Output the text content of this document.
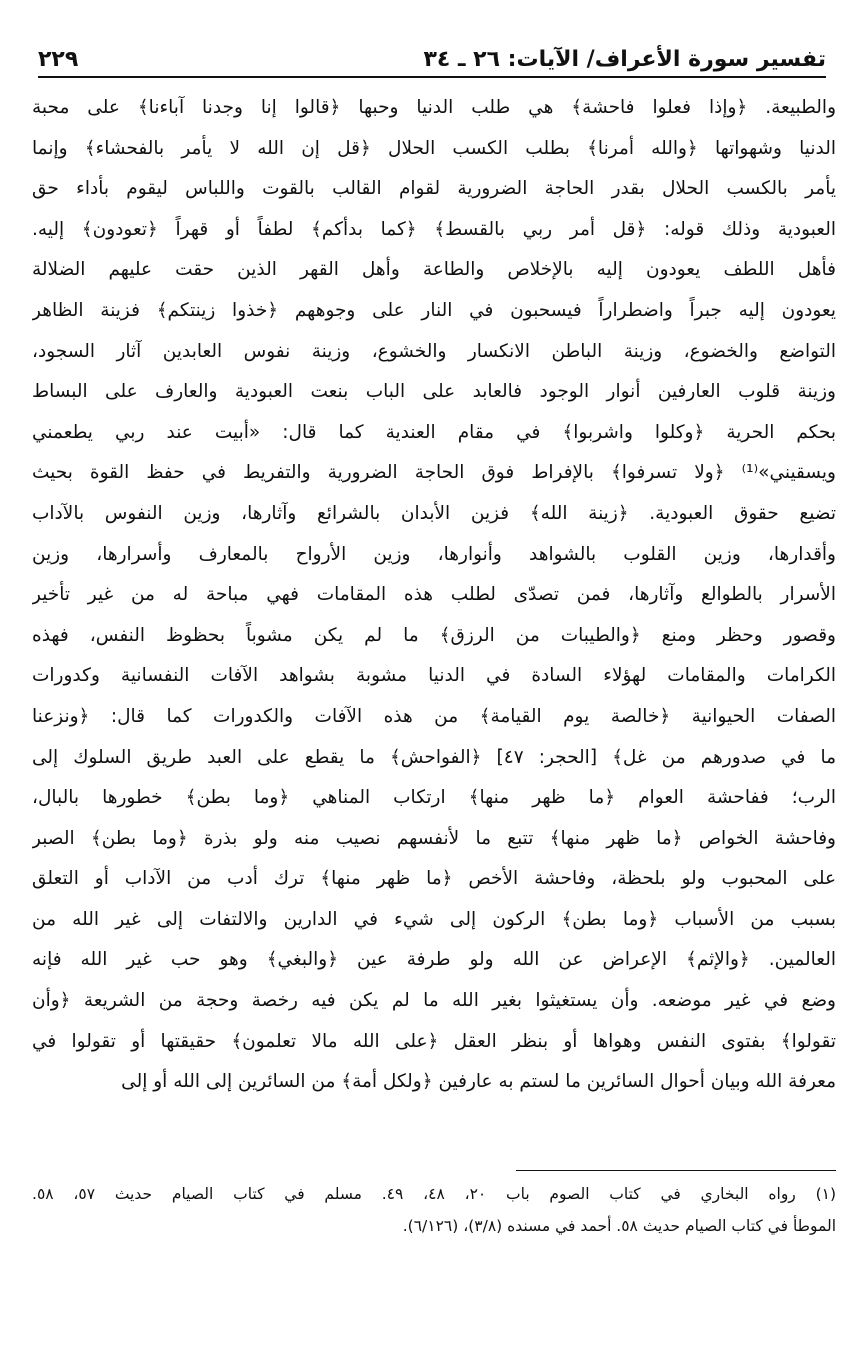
تفسير سورة الأعراف/ الآيات: ٢٦ ـ ٣٤
٢٢٩
والطبيعة. ﴿وإذا فعلوا فاحشة﴾ هي طلب الدنيا وحبها ﴿قالوا إنا وجدنا آباءنا﴾ على محبة
الدنيا وشهواتها ﴿والله أمرنا﴾ بطلب الكسب الحلال ﴿قل إن الله لا يأمر بالفحشاء﴾ وإنما
يأمر بالكسب الحلال بقدر الحاجة الضرورية لقوام القالب بالقوت واللباس ليقوم بأداء حق
العبودية وذلك قوله: ﴿قل أمر ربي بالقسط﴾ ﴿كما بدأكم﴾ لطفاً أو قهراً ﴿تعودون﴾ إليه.
فأهل اللطف يعودون إليه بالإخلاص والطاعة وأهل القهر الذين حقت عليهم الضلالة
يعودون إليه جبراً واضطراراً فيسحبون في النار على وجوههم ﴿خذوا زينتكم﴾ فزينة الظاهر
التواضع والخضوع، وزينة الباطن الانكسار والخشوع، وزينة نفوس العابدين آثار السجود،
وزينة قلوب العارفين أنوار الوجود فالعابد على الباب بنعت العبودية والعارف على البساط
بحكم الحرية ﴿وكلوا واشربوا﴾ في مقام العندية كما قال: «أبيت عند ربي يطعمني
ويسقيني»⁽¹⁾ ﴿ولا تسرفوا﴾ بالإفراط فوق الحاجة الضرورية والتفريط في حفظ القوة بحيث
تضيع حقوق العبودية. ﴿زينة الله﴾ فزين الأبدان بالشرائع وآثارها، وزين النفوس بالآداب
وأقدارها، وزين القلوب بالشواهد وأنوارها، وزين الأرواح بالمعارف وأسرارها، وزين
الأسرار بالطوالع وآثارها، فمن تصدّى لطلب هذه المقامات فهي مباحة له من غير تأخير
وقصور وحظر ومنع ﴿والطيبات من الرزق﴾ ما لم يكن مشوباً بحظوظ النفس، فهذه
الكرامات والمقامات لهؤلاء السادة في الدنيا مشوبة بشواهد الآفات النفسانية وكدورات
الصفات الحيوانية ﴿خالصة يوم القيامة﴾ من هذه الآفات والكدورات كما قال: ﴿ونزعنا
ما في صدورهم من غل﴾ [الحجر: ٤٧] ﴿الفواحش﴾ ما يقطع على العبد طريق السلوك إلى
الرب؛ ففاحشة العوام ﴿ما ظهر منها﴾ ارتكاب المناهي ﴿وما بطن﴾ خطورها بالبال،
وفاحشة الخواص ﴿ما ظهر منها﴾ تتبع ما لأنفسهم نصيب منه ولو بذرة ﴿وما بطن﴾ الصبر
على المحبوب ولو بلحظة، وفاحشة الأخص ﴿ما ظهر منها﴾ ترك أدب من الآداب أو التعلق
بسبب من الأسباب ﴿وما بطن﴾ الركون إلى شيء في الدارين والالتفات إلى غير الله من
العالمين. ﴿والإثم﴾ الإعراض عن الله ولو طرفة عين ﴿والبغي﴾ وهو حب غير الله فإنه
وضع في غير موضعه. وأن يستغيثوا بغير الله ما لم يكن فيه رخصة وحجة من الشريعة ﴿وأن
تقولوا﴾ بفتوى النفس وهواها أو بنظر العقل ﴿على الله مالا تعلمون﴾ حقيقتها أو تقولوا في
معرفة الله وبيان أحوال السائرين ما لستم به عارفين ﴿ولكل أمة﴾ من السائرين إلى الله أو إلى
(١) رواه البخاري في كتاب الصوم باب ٢٠، ٤٨، ٤٩. مسلم في كتاب الصيام حديث ٥٧، ٥٨.
الموطأ في كتاب الصيام حديث ٥٨. أحمد في مسنده (٣/٨)، (٦/١٢٦).
